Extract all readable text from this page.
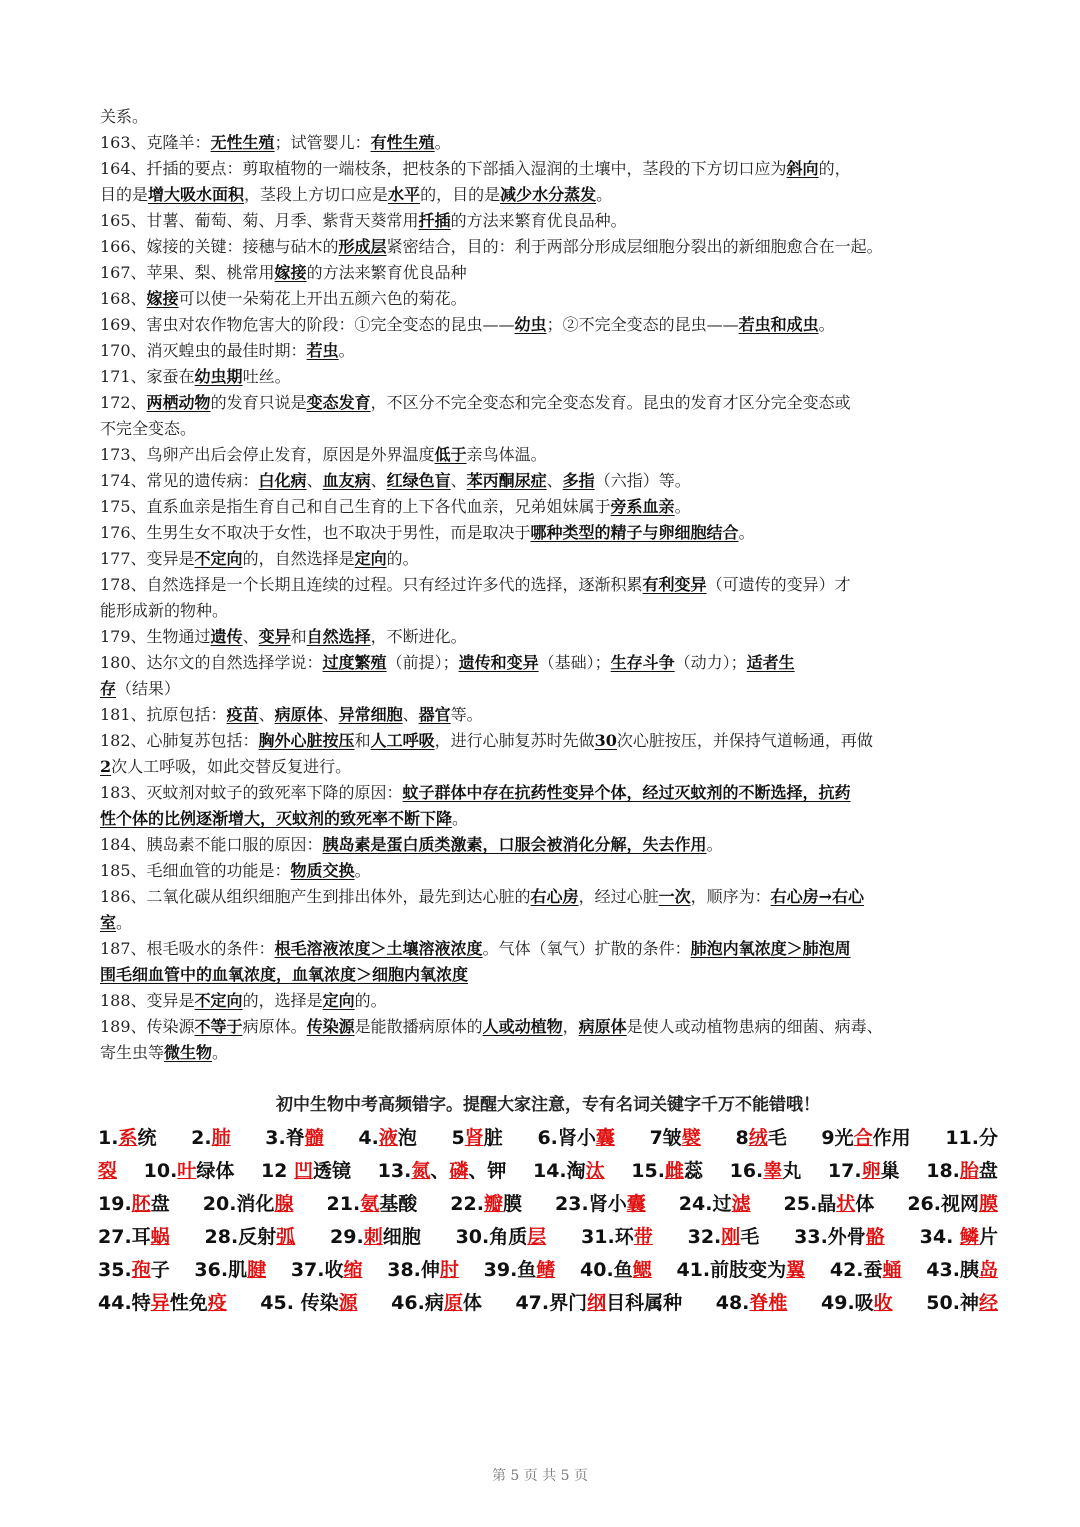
关系。
163、克隆羊：无性生殖；试管婴儿：有性生殖。
164、扦插的要点：剪取植物的一端枝条，把枝条的下部插入湿润的土壤中，茎段的下方切口应为斜向的，
目的是增大吸水面积，茎段上方切口应是水平的，目的是减少水分蒸发。
165、甘薯、葡萄、菊、月季、紫背天葵常用扦插的方法来繁育优良品种。
166、嫁接的关键：接穗与砧木的形成层紧密结合，目的：利于两部分形成层细胞分裂出的新细胞愈合在一起。
167、苹果、梨、桃常用嫁接的方法来繁育优良品种
168、嫁接可以使一朵菊花上开出五颜六色的菊花。
169、害虫对农作物危害大的阶段：①完全变态的昆虫——幼虫；②不完全变态的昆虫——若虫和成虫。
170、消灭蝗虫的最佳时期：若虫。
171、家蚕在幼虫期吐丝。
172、两栖动物的发育只说是变态发育，不区分不完全变态和完全变态发育。昆虫的发育才区分完全变态或
不完全变态。
173、鸟卵产出后会停止发育，原因是外界温度低于亲鸟体温。
174、常见的遗传病：白化病、血友病、红绿色盲、苯丙酮尿症、多指（六指）等。
175、直系血亲是指生育自己和自己生育的上下各代血亲，兄弟姐妹属于旁系血亲。
176、生男生女不取决于女性，也不取决于男性，而是取决于哪种类型的精子与卵细胞结合。
177、变异是不定向的，自然选择是定向的。
178、自然选择是一个长期且连续的过程。只有经过许多代的选择，逐渐积累有利变异（可遗传的变异）才
能形成新的物种。
179、生物通过遗传、变异和自然选择，不断进化。
180、达尔文的自然选择学说：过度繁殖（前提）；遗传和变异（基础）；生存斗争（动力）；适者生
存（结果）
181、抗原包括：疫苗、病原体、异常细胞、器官等。
182、心肺复苏包括：胸外心脏按压和人工呼吸，进行心肺复苏时先做30次心脏按压，并保持气道畅通，再做
2次人工呼吸，如此交替反复进行。
183、灭蚊剂对蚊子的致死率下降的原因：蚊子群体中存在抗药性变异个体，经过灭蚊剂的不断选择，抗药
性个体的比例逐渐增大，灭蚊剂的致死率不断下降。
184、胰岛素不能口服的原因：胰岛素是蛋白质类激素，口服会被消化分解，失去作用。
185、毛细血管的功能是：物质交换。
186、二氧化碳从组织细胞产生到排出体外，最先到达心脏的右心房，经过心脏一次，顺序为：右心房→右心
室。
187、根毛吸水的条件：根毛溶液浓度＞土壤溶液浓度。气体（氧气）扩散的条件：肺泡内氧浓度＞肺泡周
围毛细血管中的血氧浓度，血氧浓度＞细胞内氧浓度
188、变异是不定向的，选择是定向的。
189、传染源不等于病原体。传染源是能散播病原体的人或动植物，病原体是使人或动植物患病的细菌、病毒、
寄生虫等微生物。
初中生物中考高频错字。提醒大家注意，专有名词关键字千万不能错哦！
1.系统 2.肺 3.脊髓 4.液泡 5肾脏 6.肾小囊 7皱襞 8绒毛 9光合作用 11.分
裂 10.叶绿体 12 凹透镜 13.氮、磷、钾 14.淘汰 15.雌蕊 16.睾丸 17.卵巢 18.胎盘
19.胚盘 20.消化腺 21.氨基酸 22.瓣膜 23.肾小囊 24.过滤 25.晶状体 26.视网膜
27.耳蜗 28.反射弧 29.刺细胞 30.角质层 31.环带 32.刚毛 33.外骨骼 34. 鳞片
35.孢子 36.肌腱 37.收缩 38.伸肘 39.鱼鳍 40.鱼鳃 41.前肢变为翼 42.蚕蛹 43.胰岛
44.特异性免疫 45. 传染源 46.病原体 47.界门纲目科属种 48.脊椎 49.吸收 50.神经
第 5 页 共 5 页
